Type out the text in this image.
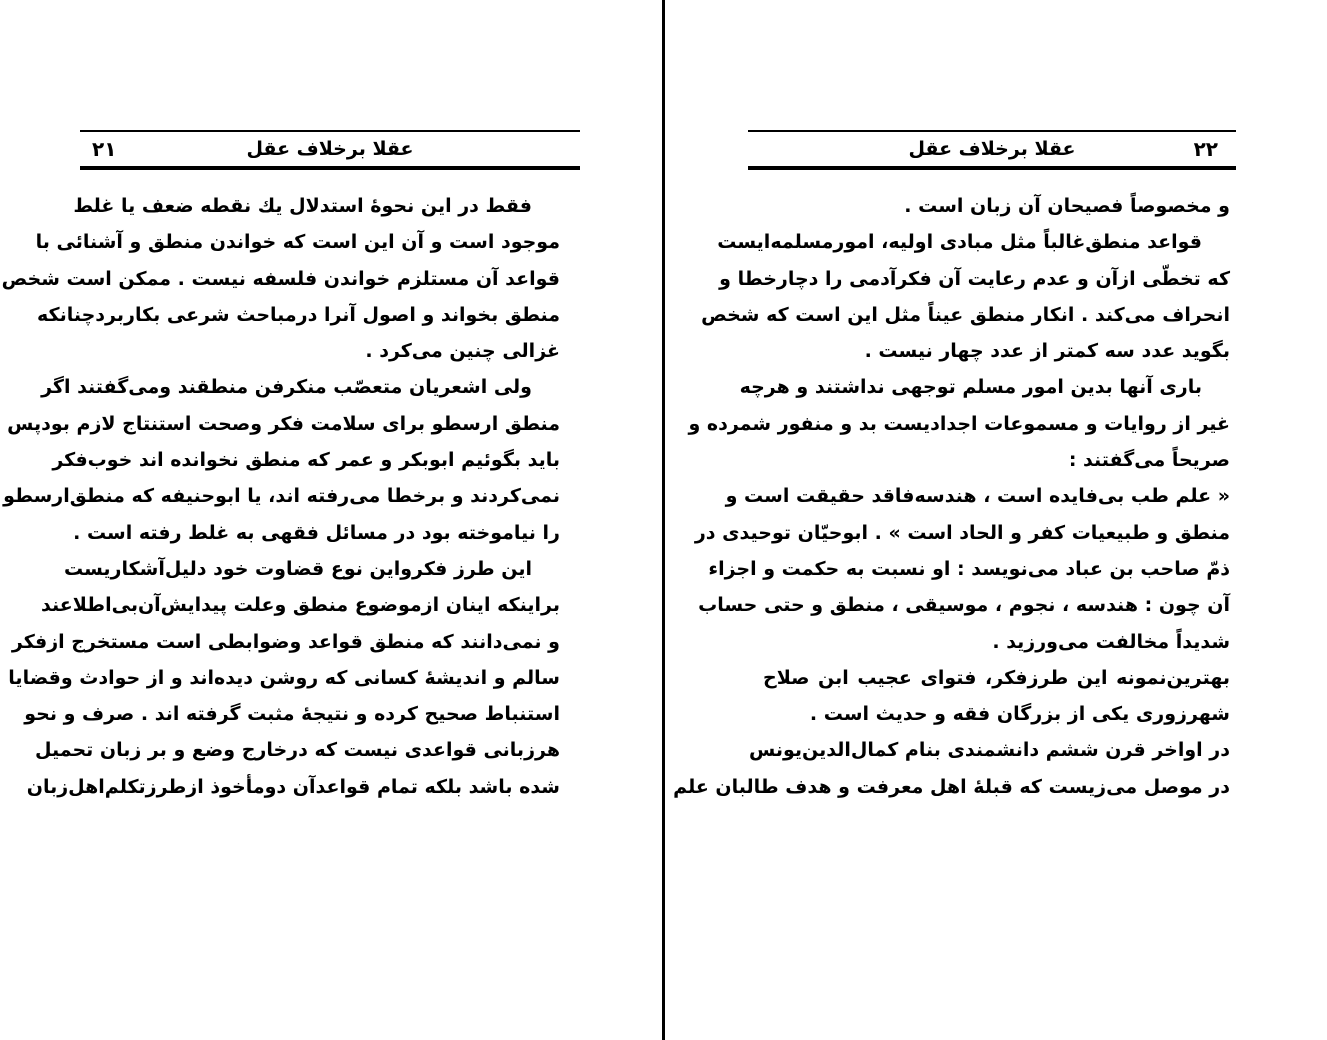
عقلا برخلاف عقل
٢١
فقط در این نحوهٔ استدلال یك نقطه ضعف یا غلط
موجود است و آن این است که خواندن منطق و آشنائی با
قواعد آن مستلزم خواندن فلسفه نیست . ممکن است شخص
منطق بخواند و اصول آنرا درمباحث شرعی بکاربردچنانکه
غزالی چنین می‌کرد .
ولی اشعریان متعصّب منکرفن منطقند ومی‌گفتند اگر
منطق ارسطو برای سلامت فکر وصحت استنتاج لازم بودپس
باید بگوئیم ابوبکر و عمر که منطق نخوانده اند خوب‌فکر
نمی‌کردند و برخطا می‌رفته اند، یا ابوحنیفه که منطق‌ارسطو
را نیاموخته بود در مسائل فقهی به غلط رفته است .
این طرز فکرواین نوع قضاوت خود دلیل‌آشکاریست
براینکه اینان ازموضوع منطق وعلت پیدایش‌آن‌بی‌اطلاعند
و نمی‌دانند که منطق قواعد وضوابطی است مستخرج ازفکر
سالم و اندیشهٔ کسانی که روشن دیده‌اند و از حوادث وقضایا
استنباط صحیح کرده و نتیجهٔ مثبت گرفته اند . صرف و نحو
هرزبانی قواعدی نیست که درخارج وضع و بر زبان تحمیل
شده باشد بلکه تمام قواعدآن دومأخوذ ازطرزتکلم‌اهل‌زبان
عقلا برخلاف عقل	٢٢
و مخصوصاً فصیحان آن زبان است .
قواعد منطق‌غالباً مثل مبادی اولیه، امورمسلمه‌ایست
که تخطّی ازآن و عدم رعایت آن فکرآدمی را دچارخطا و
انحراف می‌کند . انکار منطق عیناً مثل این است که شخص
بگوید عدد سه کمتر از عدد چهار نیست .
باری آنها بدین امور مسلم توجهی نداشتند و هرچه
غیر از روایات و مسموعات اجدادیست بد و منفور شمرده و
صریحاً می‌گفتند :
« علم طب بی‌فایده است ، هندسه‌فاقد حقیقت است و
منطق و طبیعیات کفر و الحاد است » . ابوحیّان توحیدی در
ذمّ صاحب بن عباد می‌نویسد : او نسبت به حکمت و اجزاء
آن چون : هندسه ، نجوم ، موسیقی ، منطق و حتی حساب
شدیداً مخالفت می‌ورزید .
بهترین‌نمونه این طرزفکر، فتوای عجیب ابن صلاح
شهرزوری یکی از بزرگان فقه و حدیث است .
در اواخر قرن ششم دانشمندی بنام کمال‌الدین‌یونس
در موصل می‌زیست که قبلهٔ اهل معرفت و هدف طالبان علم
